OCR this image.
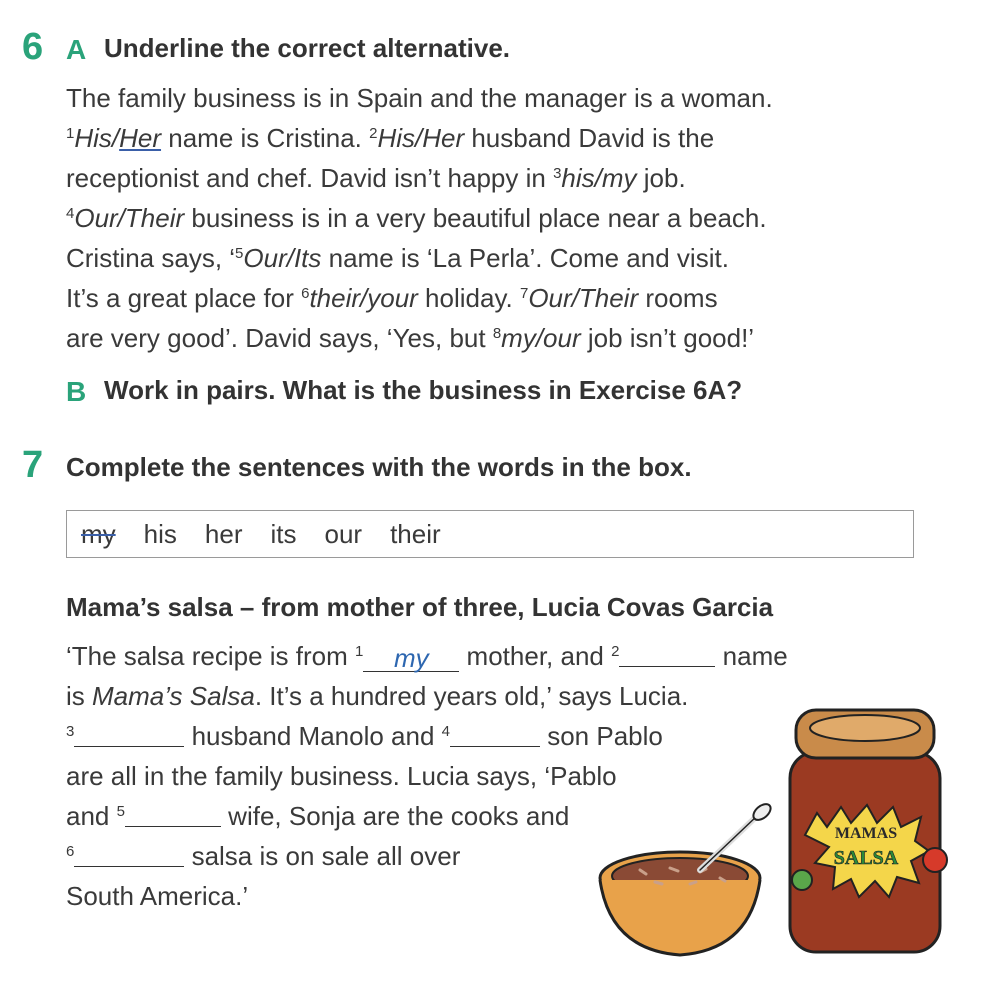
6 A Underline the correct alternative.
The family business is in Spain and the manager is a woman.
$^1$His/Her name is Cristina. $^2$His/Her husband David is the
receptionist and chef. David isn’t happy in $^3$his/my job.
$^4$Our/Their business is in a very beautiful place near a beach.
Cristina says, ‘$^5$Our/Its name is ‘La Perla’. Come and visit.
It’s a great place for $^6$their/your holiday. $^7$Our/Their rooms
are very good’. David says, ‘Yes, but $^8$my/our job isn’t good!’
B Work in pairs. What is the business in Exercise 6A?
7 Complete the sentences with the words in the box.
my his her its our their
Mama’s salsa – from mother of three, Lucia Covas Garcia
‘The salsa recipe is from $^1$ my mother, and $^2$	name
is Mama’s Salsa. It’s a hundred years old,’ says Lucia.
$^3$	husband Manolo and $^4$	son Pablo
are all in the family business. Lucia says, ‘Pablo
and $^5$	wife, Sonja are the cooks and
$^6$	salsa is on sale all over
South America.’
MAMAS
SALSA
